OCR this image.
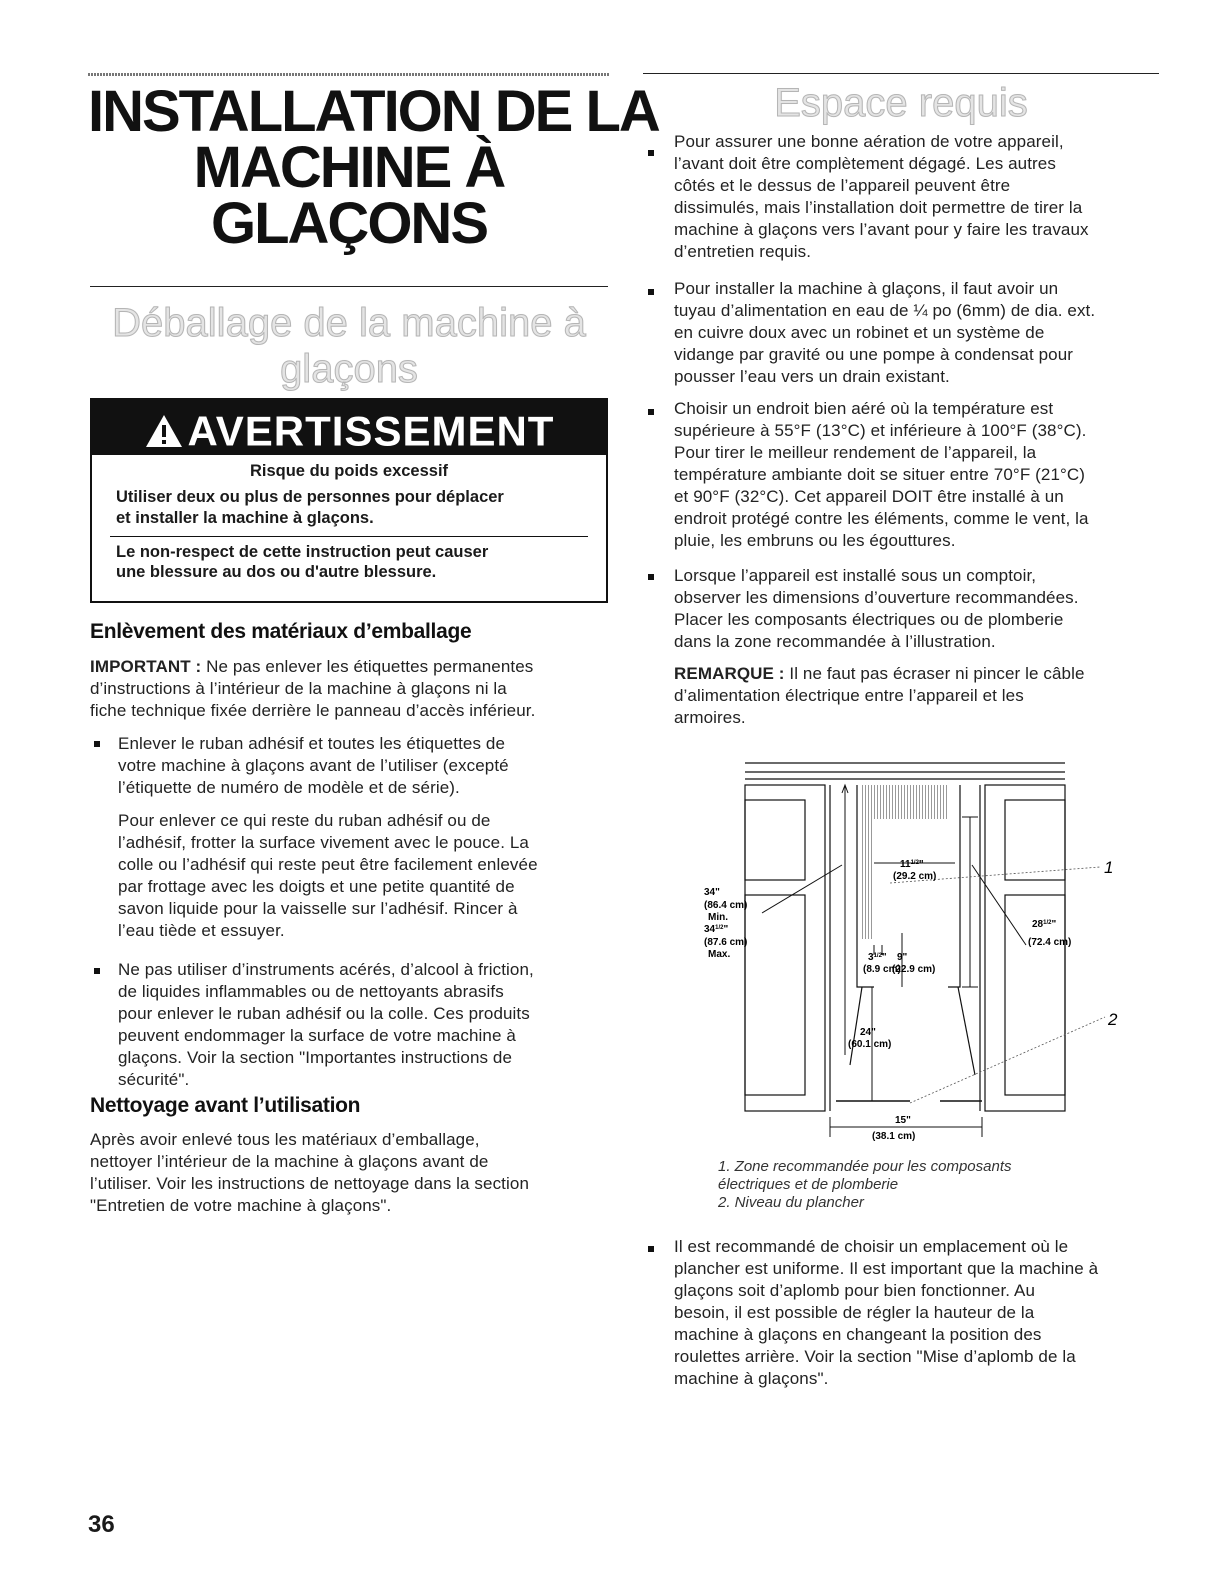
INSTALLATION DE LA
MACHINE À
GLAÇONS
Déballage de la machine à
glaçons
AVERTISSEMENT
Risque du poids excessif
Utiliser deux ou plus de personnes pour déplacer
et installer la machine à glaçons.
Le non-respect de cette instruction peut causer
une blessure au dos ou d'autre blessure.
Enlèvement des matériaux d’emballage
IMPORTANT : Ne pas enlever les étiquettes permanentes
d’instructions à l’intérieur de la machine à glaçons ni la
fiche technique fixée derrière le panneau d’accès inférieur.
Enlever le ruban adhésif et toutes les étiquettes de
votre machine à glaçons avant de l’utiliser (excepté
l’étiquette de numéro de modèle et de série).
Pour enlever ce qui reste du ruban adhésif ou de
l’adhésif, frotter la surface vivement avec le pouce. La
colle ou l’adhésif qui reste peut être facilement enlevée
par frottage avec les doigts et une petite quantité de
savon liquide pour la vaisselle sur l’adhésif. Rincer à
l’eau tiède et essuyer.
Ne pas utiliser d’instruments acérés, d’alcool à friction,
de liquides inflammables ou de nettoyants abrasifs
pour enlever le ruban adhésif ou la colle. Ces produits
peuvent endommager la surface de votre machine à
glaçons. Voir la section "Importantes instructions de
sécurité".
Nettoyage avant l’utilisation
Après avoir enlevé tous les matériaux d’emballage,
nettoyer l’intérieur de la machine à glaçons avant de
l’utiliser. Voir les instructions de nettoyage dans la section
"Entretien de votre machine à glaçons".
36
Espace requis
Pour assurer une bonne aération de votre appareil,
l’avant doit être complètement dégagé. Les autres
côtés et le dessus de l’appareil peuvent être
dissimulés, mais l’installation doit permettre de tirer la
machine à glaçons vers l’avant pour y faire les travaux
d’entretien requis.
Pour installer la machine à glaçons, il faut avoir un
tuyau d’alimentation en eau de ¼ po (6mm) de dia. ext.
en cuivre doux avec un robinet et un système de
vidange par gravité ou une pompe à condensat pour
pousser l’eau vers un drain existant.
Choisir un endroit bien aéré où la température est
supérieure à 55°F (13°C) et inférieure à 100°F (38°C).
Pour tirer le meilleur rendement de l’appareil, la
température ambiante doit se situer entre 70°F (21°C)
et 90°F (32°C). Cet appareil DOIT être installé à un
endroit protégé contre les éléments, comme le vent, la
pluie, les embruns ou les égouttures.
Lorsque l’appareil est installé sous un comptoir,
observer les dimensions d’ouverture recommandées.
Placer les composants électriques ou de plomberie
dans la zone recommandée à l’illustration.
REMARQUE : Il ne faut pas écraser ni pincer le câble
d’alimentation électrique entre l’appareil et les
armoires.
34"
(86.4 cm)
Min.
$34^{1/2}$"
(87.6 cm)
Max.
$11^{1/2}$"
(29.2 cm)
$28^{1/2}$"
(72.4 cm)
$3^{1/2}$"
(8.9 cm)
9"
(22.9 cm)
24"
(60.1 cm)
15"
(38.1 cm)
1
2
1. Zone recommandée pour les composants
électriques et de plomberie
2. Niveau du plancher
Il est recommandé de choisir un emplacement où le
plancher est uniforme. Il est important que la machine à
glaçons soit d’aplomb pour bien fonctionner. Au
besoin, il est possible de régler la hauteur de la
machine à glaçons en changeant la position des
roulettes arrière. Voir la section "Mise d’aplomb de la
machine à glaçons".
